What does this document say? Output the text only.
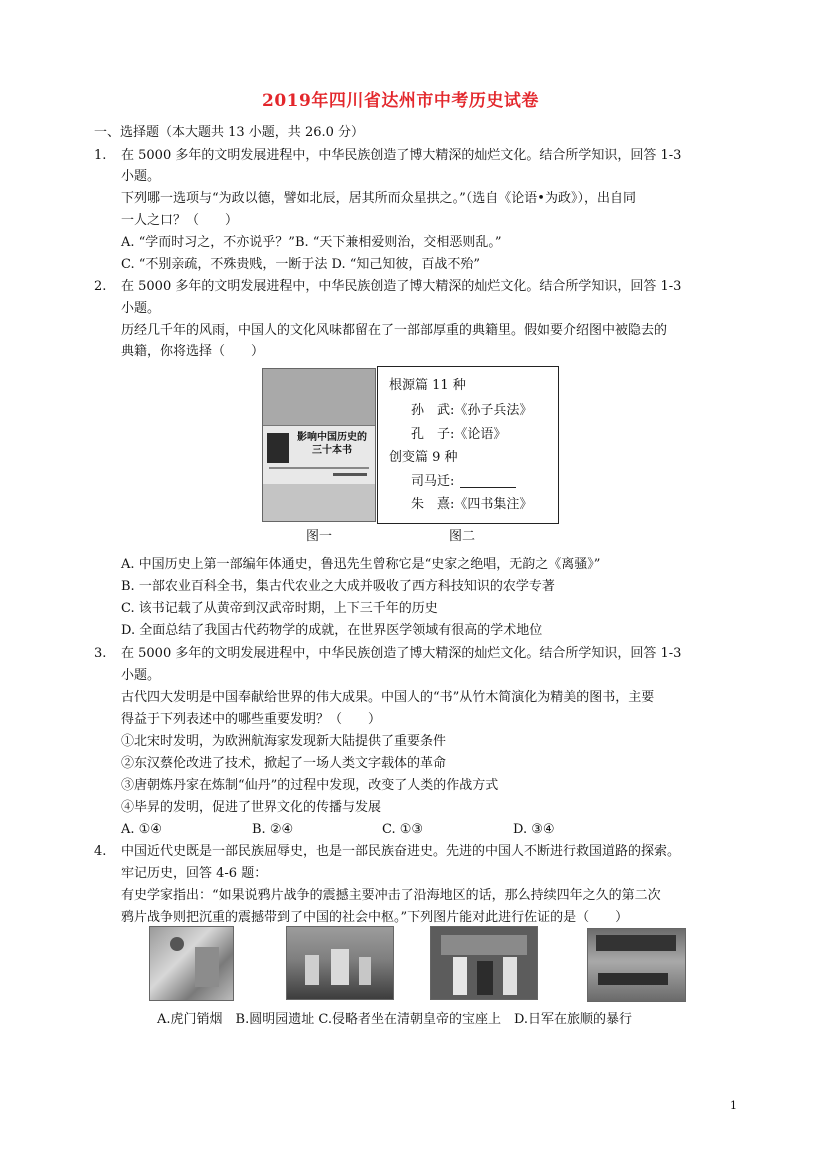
2019年四川省达州市中考历史试卷
一、选择题（本大题共 13 小题，共 26.0 分）
1. 在 5000 多年的文明发展进程中，中华民族创造了博大精深的灿烂文化。结合所学知识，回答 1-3
小题。
下列哪一选项与“为政以德，譬如北辰，居其所而众星拱之。”（选自《论语•为政》），出自同
一人之口？（　　）
A. “学而时习之，不亦说乎？”B. “天下兼相爱则治，交相恶则乱。”
C. “不别亲疏，不殊贵贱，一断于法 D. “知己知彼，百战不殆”
2. 在 5000 多年的文明发展进程中，中华民族创造了博大精深的灿烂文化。结合所学知识，回答 1-3
小题。
历经几千年的风雨，中国人的文化风味都留在了一部部厚重的典籍里。假如要介绍图中被隐去的
典籍，你将选择（　　）
影响中国历史的三十本书
图一
根源篇 11 种
孙　武:《孙子兵法》
孔　子:《论语》
创变篇 9 种
司马迁:
朱　熹:《四书集注》
图二
A. 中国历史上第一部编年体通史，鲁迅先生曾称它是“史家之绝唱，无韵之《离骚》”
B. 一部农业百科全书，集古代农业之大成并吸收了西方科技知识的农学专著
C. 该书记载了从黄帝到汉武帝时期，上下三千年的历史
D. 全面总结了我国古代药物学的成就，在世界医学领域有很高的学术地位
3. 在 5000 多年的文明发展进程中，中华民族创造了博大精深的灿烂文化。结合所学知识，回答 1-3
小题。
古代四大发明是中国奉献给世界的伟大成果。中国人的“书”从竹木简演化为精美的图书，主要
得益于下列表述中的哪些重要发明？（　　）
①北宋时发明，为欧洲航海家发现新大陆提供了重要条件
②东汉蔡伦改进了技术，掀起了一场人类文字载体的革命
③唐朝炼丹家在炼制“仙丹”的过程中发现，改变了人类的作战方式
④毕昇的发明，促进了世界文化的传播与发展
A. ①④	B. ②④	C. ①③	D. ③④
4. 中国近代史既是一部民族屈辱史，也是一部民族奋进史。先进的中国人不断进行救国道路的探索。
牢记历史，回答 4-6 题：
有史学家指出：“如果说鸦片战争的震撼主要冲击了沿海地区的话，那么持续四年之久的第二次
鸦片战争则把沉重的震撼带到了中国的社会中枢。”下列图片能对此进行佐证的是（　　）
A.虎门销烟　B.圆明园遗址 C.侵略者坐在清朝皇帝的宝座上　D.日军在旅顺的暴行
1
